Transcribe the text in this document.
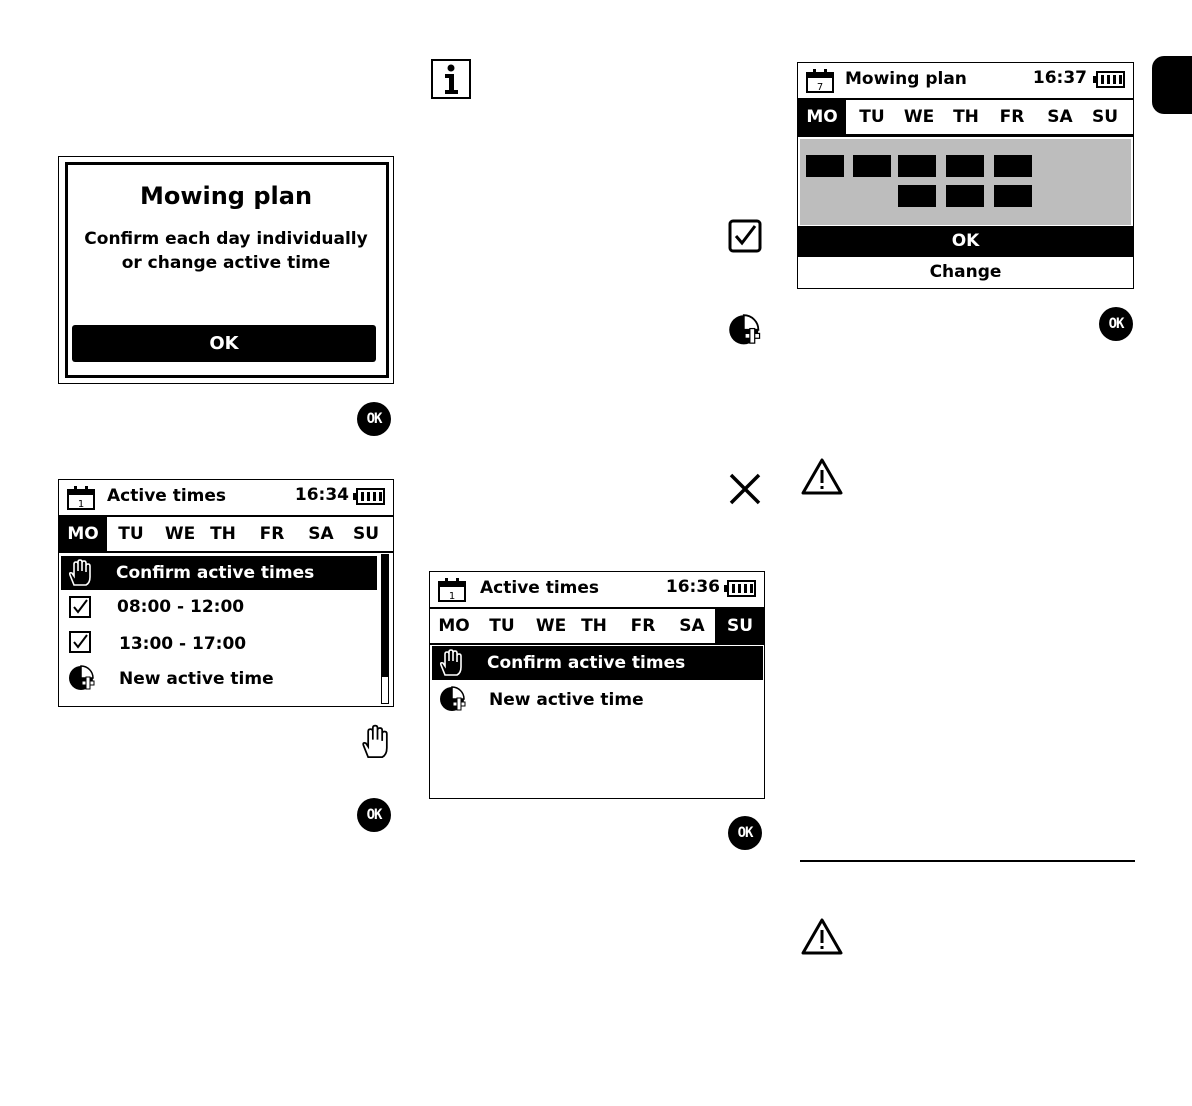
Mowing plan
Confirm each day individually
or change active time
OK
OK
1 Active times	16:34
MO	TU	WE TH	FR	SA	SU
Confirm active times
08:00 - 12:00
13:00 - 17:00
New active time
OK
1 Active times	16:36
MO	TU	WE TH	FR	SA	SU
Confirm active times
New active time
OK
7 Mowing plan	16:37
MO	TU	WE	TH	FR	SA	SU
OK
Change
OK
